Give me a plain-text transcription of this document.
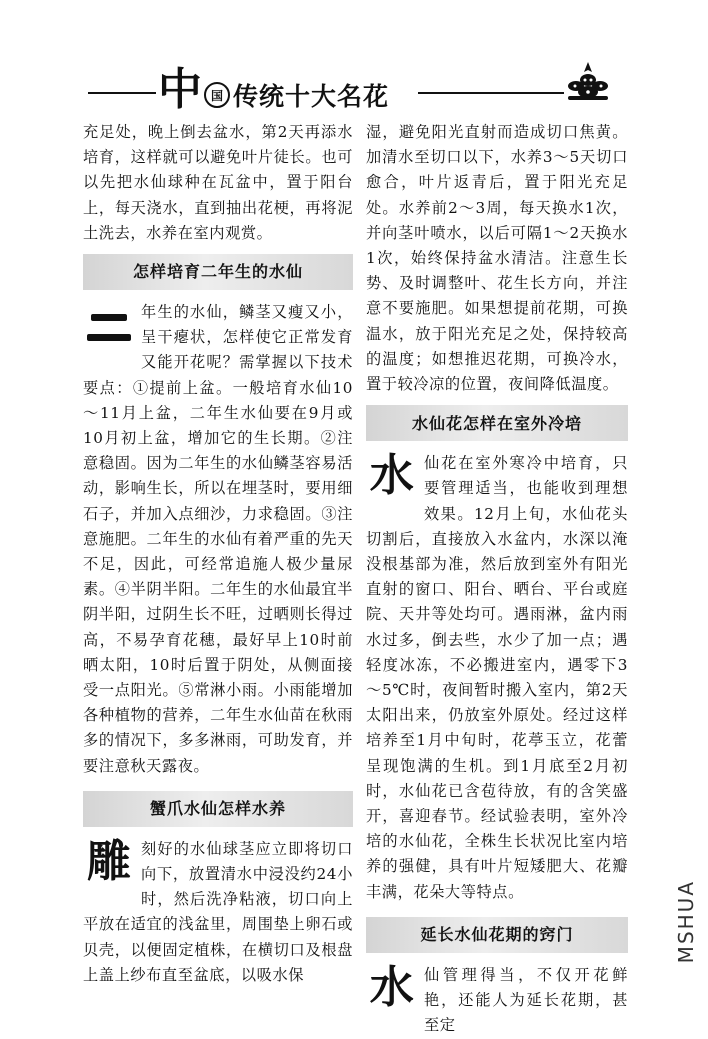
中 国 传统十大名花

充足处，晚上倒去盆水，第2天再添水培育，这样就可以避免叶片徒长。也可以先把水仙球种在瓦盆中，置于阳台上，每天浇水，直到抽出花梗，再将泥土洗去，水养在室内观赏。

怎样培育二年生的水仙

年生的水仙，鳞茎又瘦又小，呈干瘪状，怎样使它正常发育又能开花呢？需掌握以下技术要点：①提前上盆。一般培育水仙10～11月上盆，二年生水仙要在9月或10月初上盆，增加它的生长期。②注意稳固。因为二年生的水仙鳞茎容易活动，影响生长，所以在埋茎时，要用细石子，并加入点细沙，力求稳固。③注意施肥。二年生的水仙有着严重的先天不足，因此，可经常追施人极少量尿素。④半阴半阳。二年生的水仙最宜半阴半阳，过阴生长不旺，过晒则长得过高，不易孕育花穗，最好早上10时前晒太阳，10时后置于阴处，从侧面接受一点阳光。⑤常淋小雨。小雨能增加各种植物的营养，二年生水仙苗在秋雨多的情况下，多多淋雨，可助发育，并要注意秋天露夜。

蟹爪水仙怎样水养
雕 刻好的水仙球茎应立即将切口向下，放置清水中浸没约24小时，然后洗净粘液，切口向上平放在适宜的浅盆里，周围垫上卵石或贝壳，以便固定植株，在横切口及根盘上盖上纱布直至盆底，以吸水保

湿，避免阳光直射而造成切口焦黄。加清水至切口以下，水养3～5天切口愈合，叶片返青后，置于阳光充足处。水养前2～3周，每天换水1次，并向茎叶喷水，以后可隔1～2天换水1次，始终保持盆水清洁。注意生长势、及时调整叶、花生长方向，并注意不要施肥。如果想提前花期，可换温水，放于阳光充足之处，保持较高的温度；如想推迟花期，可换冷水，置于较冷凉的位置，夜间降低温度。

水仙花怎样在室外冷培
水 仙花在室外寒冷中培育，只要管理适当，也能收到理想效果。12月上旬，水仙花头切割后，直接放入水盆内，水深以淹没根基部为准，然后放到室外有阳光直射的窗口、阳台、晒台、平台或庭院、天井等处均可。遇雨淋，盆内雨水过多，倒去些，水少了加一点；遇轻度冰冻，不必搬进室内，遇零下3～5℃时，夜间暂时搬入室内，第2天太阳出来，仍放室外原处。经过这样培养至1月中旬时，花葶玉立，花蕾呈现饱满的生机。到1月底至2月初时，水仙花已含苞待放，有的含笑盛开，喜迎春节。经试验表明，室外冷培的水仙花，全株生长状况比室内培养的强健，具有叶片短矮肥大、花瓣丰满，花朵大等特点。

延长水仙花期的窍门
水 仙管理得当，不仅开花鲜艳，还能人为延长花期，甚至定

MSHUA
